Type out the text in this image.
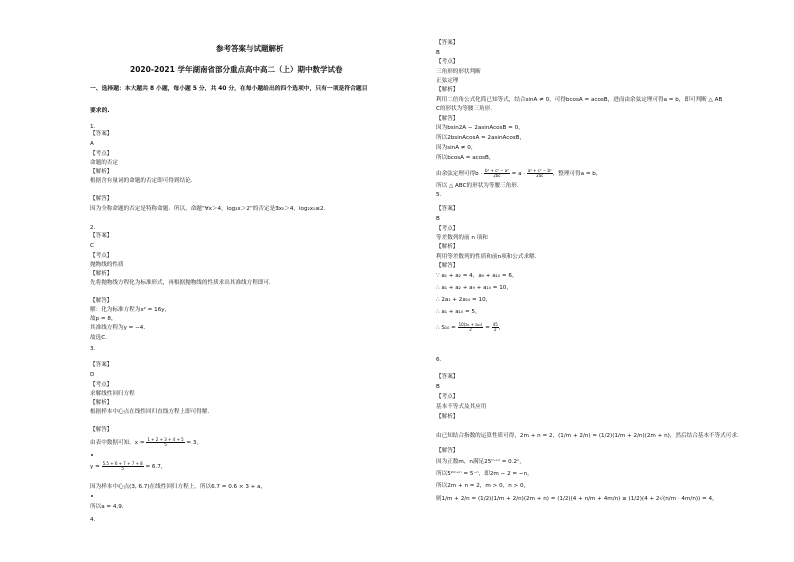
参考答案与试题解析
2020-2021 学年湖南省部分重点高中高二（上）期中数学试卷
一、选择题：本大题共 8 小题，每小题 5 分，共 40 分，在每小题给出的四个选项中，只有一项是符合题目
要求的.
1.
【答案】
A
【考点】
命题的否定
【解析】
根据含有量词的命题的否定即可得到结论．
【解答】
因为全称命题的否定是特称命题．所以，命题“∀x＞4，log₂x＞2”的否定是∃x₀＞4，log₂x₀≤2．
2.
【答案】
C
【考点】
抛物线的性质
【解析】
先将抛物线方程化为标准形式，再根据抛物线的性质求出其准线方程即可．
【解答】
解：化为标准方程为x² = 16y，
故p = 8，
其准线方程为y = −4．
故选C．
3.
【答案】
D
【考点】
求解线性回归方程
【解析】
根据样本中心点在线性回归直线方程上即可得解．
【解答】
由表中数据可知，$x = \frac{1 + 2 + 3 + 4 + 5}{5} = 3$，
$y = \frac{5.5 + 6 + 7 + 7 + 8}{5} = 6.7$，
因为样本中心点(3, 6.7)在线性回归方程上，所以6.7 = 0.6 × 3 + a，
所以a = 4.9．
4.
【答案】
B
【考点】
三角形的形状判断
正弦定理
【解析】
利用二倍角公式化简已知等式，结合sinA ≠ 0，可得bcosA = acosB，进而由余弦定理可得a = b，即可判断 △ AB
C的形状为等腰三角形．
【解答】
因为bsin2A − 2asinAcosB = 0，
所以2bsinAcosA = 2asinAcosB，
因为sinA ≠ 0，
所以bcosA = acosB，
由余弦定理可得$b \cdot \frac{\text{b² + c² − a²}}{2bc} = a \cdot \frac{\text{a² + c² − b²}}{2ac}$ ，整理可得a = b，
所以 △ ABC的形状为等腰三角形．
5.
【答案】
B
【考点】
等差数列的前 n 项和
【解析】
利用等差数列的性质和前n项和公式求解．
【解答】
∵ a₁ + a₂ = 4，a₉ + a₁₀ = 6，
∴ a₁ + a₂ + a₉ + a₁₀ = 10，
∴ 2a₁ + 2a₁₀ = 10，
∴ a₁ + a₁₀ = 5，
∴ $S_{10} = \frac{\text{10(a₁ + a₁₀)}}{2} = \frac{45}{2}$ ，
6.
【答案】
B
【考点】
基本不等式及其应用
【解析】
由已知结合指数的运算性质可得，2m + n = 2，(1/m + 2/n) = (1/2)(1/m + 2/n)(2m + n)，然后结合基本不等式可求．
【解答】
因为正数m，n满足25ᵐ⁺ⁿ = 0.2ⁿ，
所以5²ᵐ⁺ⁿ = 5⁻ⁿ，即2m − 2 = −n，
所以2m + n = 2，m > 0，n > 0，
则1/m + 2/n = (1/2)(1/m + 2/n)(2m + n) = (1/2)(4 + n/m + 4m/n) ≥ (1/2)(4 + 2√(n/m · 4m/n)) = 4，
